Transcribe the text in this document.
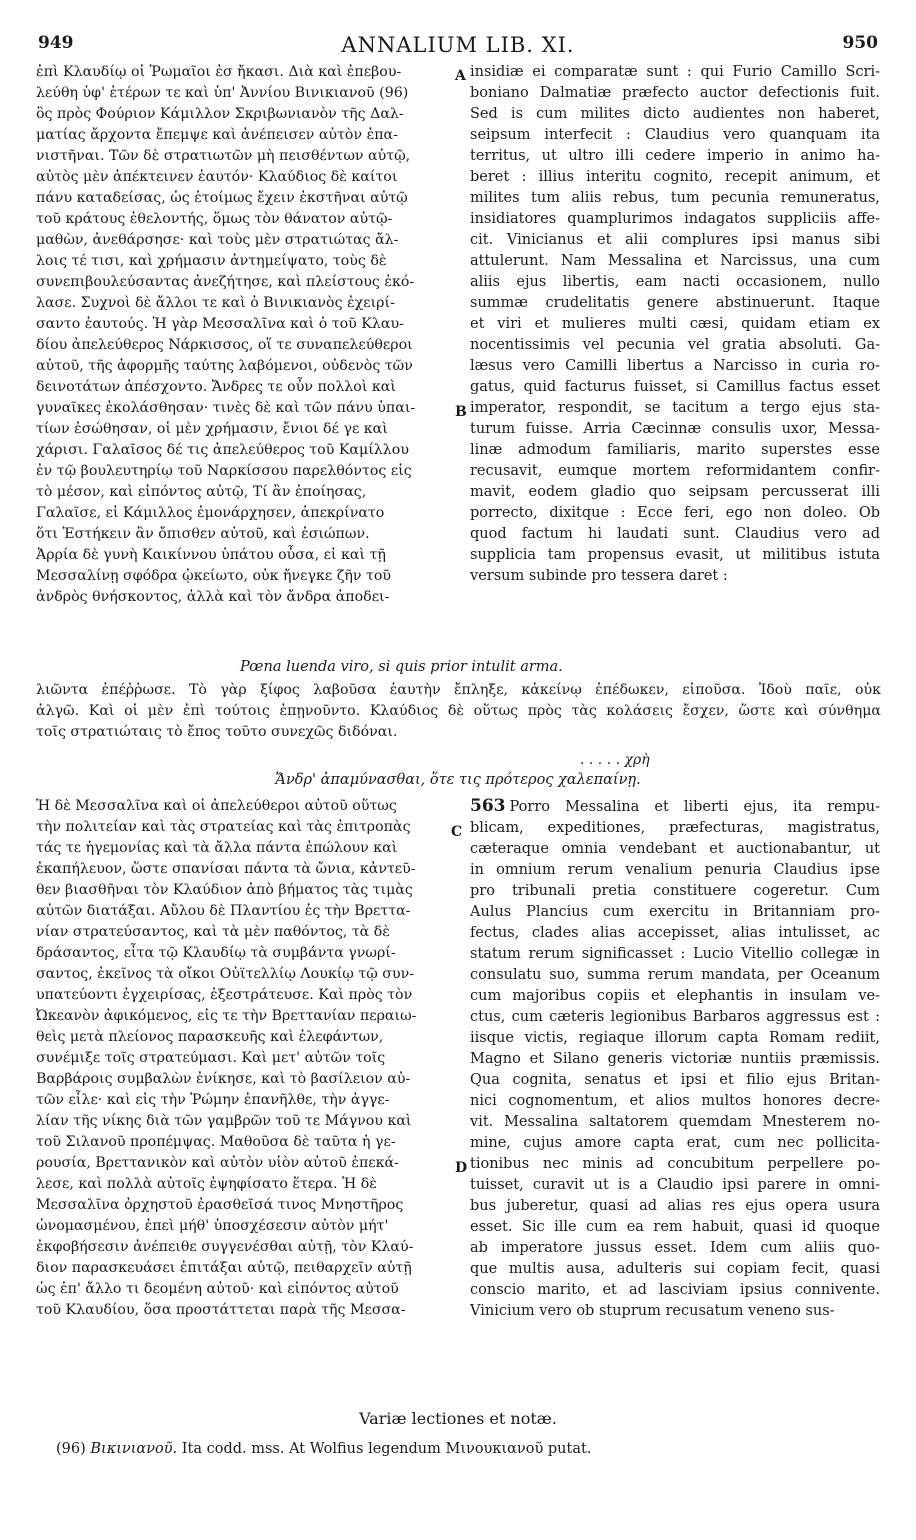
949	ANNALIUM LIB. XI.	950
ἐπὶ Κλαυδίῳ οἱ Ῥωμαῖοι ἐσ ἤκασι. Διὰ καὶ ἐπεβου-
λεύθη ὑφ' ἑτέρων τε καὶ ὑπ' Ἀννίου Βινικιανοῦ (96)
ὃς πρὸς Φούριον Κάμιλλον Σκριβωνιανὸν τῆς Δαλ-
ματίας ἄρχοντα ἔπεμψε καὶ ἀνέπεισεν αὐτὸν ἐπα-
νιστῆναι. Τῶν δὲ στρατιωτῶν μὴ πεισθέντων αὐτῷ,
αὐτὸς μὲν ἀπέκτεινεν ἑαυτόν· Κλαύδιος δὲ καίτοι
πάνυ καταδείσας, ὡς ἑτοίμως ἔχειν ἐκστῆναι αὐτῷ
τοῦ κράτους ἐθελοντής, ὅμως τὸν θάνατον αὐτῷ-
μαθὼν, ἀνεθάρσησε· καὶ τοὺς μὲν στρατιώτας ἄλ-
λοις τέ τισι, καὶ χρήμασιν ἀντημείψατο, τοὺς δὲ
συνεπιβουλεύσαντας ἀνεζήτησε, καὶ πλείστους ἐκό-
λασε. Συχνοὶ δὲ ἄλλοι τε καὶ ὁ Βινικιανὸς ἐχειρί-
σαντο ἑαυτούς. Ἡ γὰρ Μεσσαλῖνα καὶ ὁ τοῦ Κλαυ-
δίου ἀπελεύθερος Νάρκισσος, οἵ τε συναπελεύθεροι
αὐτοῦ, τῆς ἀφορμῆς ταύτης λαβόμενοι, οὐδενὸς τῶν
δεινοτάτων ἀπέσχοντο. Ἄνδρες τε οὖν πολλοὶ καὶ
γυναῖκες ἐκολάσθησαν· τινὲς δὲ καὶ τῶν πάνυ ὑπαι-
τίων ἐσώθησαν, οἱ μὲν χρήμασιν, ἔνιοι δέ γε καὶ
χάρισι. Γαλαῖσος δέ τις ἀπελεύθερος τοῦ Καμίλλου
ἐν τῷ βουλευτηρίῳ τοῦ Ναρκίσσου παρελθόντος εἰς
τὸ μέσον, καὶ εἰπόντος αὐτῷ, Τί ἂν ἐποίησας,
Γαλαῖσε, εἰ Κάμιλλος ἐμονάρχησεν, ἀπεκρίνατο
ὅτι Ἐστήκειν ἂν ὄπισθεν αὐτοῦ, καὶ ἐσιώπων.
Ἀρρία δὲ γυνὴ Καικίννου ὑπάτου οὖσα, εἰ καὶ τῇ
Μεσσαλίνῃ σφόδρα ᾠκείωτο, οὐκ ἤνεγκε ζῆν τοῦ
ἀνδρὸς θνήσκοντος, ἀλλὰ καὶ τὸν ἄνδρα ἀποδει-
insidiæ ei comparatæ sunt : qui Furio Camillo Scri-
boniano Dalmatiæ præfecto auctor defectionis fuit.
Sed is cum milites dicto audientes non haberet,
seipsum interfecit : Claudius vero quanquam ita
territus, ut ultro illi cedere imperio in animo ha-
beret : illius interitu cognito, recepit animum, et
milites tum aliis rebus, tum pecunia remuneratus,
insidiatores quamplurimos indagatos suppliciis affe-
cit. Vinicianus et alii complures ipsi manus sibi
attulerunt. Nam Messalina et Narcissus, una cum
aliis ejus libertis, eam nacti occasionem, nullo
summæ crudelitatis genere abstinuerunt. Itaque
et viri et mulieres multi cæsi, quidam etiam ex
nocentissimis vel pecunia vel gratia absoluti. Ga-
læsus vero Camilli libertus a Narcisso in curia ro-
gatus, quid facturus fuisset, si Camillus factus esset
imperator, respondit, se tacitum a tergo ejus sta-
turum fuisse. Arria Cæcinnæ consulis uxor, Messa-
linæ admodum familiaris, marito superstes esse
recusavit, eumque mortem reformidantem confir-
mavit, eodem gladio quo seipsam percusserat illi
porrecto, dixitque : Ecce feri, ego non doleo. Ob
quod factum hi laudati sunt. Claudius vero ad
supplicia tam propensus evasit, ut militibus istuta
versum subinde pro tessera daret :
A
B
C
D
Pœna luenda viro, si quis prior intulit arma.
λιῶντα ἐπέῤῥωσε. Τὸ γὰρ ξίφος λαβοῦσα ἑαυτὴν ἔπληξε, κἀκείνῳ ἐπέδωκεν, εἰποῦσα. Ἰδοὺ παῖε, οὐκ
ἀλγῶ. Καὶ οἱ μὲν ἐπὶ τούτοις ἐπῃνοῦντο. Κλαύδιος δὲ οὕτως πρὸς τὰς κολάσεις ἔσχεν, ὥστε καὶ σύνθημα
τοῖς στρατιώταις τὸ ἔπος τοῦτο συνεχῶς διδόναι.
. . . . . χρὴ
Ἄνδρ' ἀπαμύνασθαι, ὅτε τις πρότερος χαλεπαίνῃ.
Ἡ δὲ Μεσσαλῖνα καὶ οἱ ἀπελεύθεροι αὐτοῦ οὕτως
τὴν πολιτείαν καὶ τὰς στρατείας καὶ τὰς ἐπιτροπὰς
τάς τε ἡγεμονίας καὶ τὰ ἄλλα πάντα ἐπώλουν καὶ
ἐκαπήλευον, ὥστε σπανίσαι πάντα τὰ ὤνια, κἀντεῦ-
θεν βιασθῆναι τὸν Κλαύδιον ἀπὸ βήματος τὰς τιμὰς
αὐτῶν διατάξαι. Αὔλου δὲ Πλαντίου ἐς τὴν Βρεττα-
νίαν στρατεύσαντος, καὶ τὰ μὲν παθόντος, τὰ δὲ
δράσαντος, εἶτα τῷ Κλαυδίῳ τὰ συμβάντα γνωρί-
σαντος, ἐκεῖνος τὰ οἴκοι Οὐϊτελλίῳ Λουκίῳ τῷ συν-
υπατεύοντι ἐγχειρίσας, ἐξεστράτευσε. Καὶ πρὸς τὸν
Ὠκεανὸν ἀφικόμενος, εἰς τε τὴν Βρεττανίαν περαιω-
θεὶς μετὰ πλείονος παρασκευῆς καὶ ἐλεφάντων,
συνέμιξε τοῖς στρατεύμασι. Καὶ μετ' αὐτῶν τοῖς
Βαρβάροις συμβαλὼν ἐνίκησε, καὶ τὸ βασίλειον αὐ-
τῶν εἷλε· καὶ εἰς τὴν Ῥώμην ἐπανῆλθε, τὴν ἀγγε-
λίαν τῆς νίκης διὰ τῶν γαμβρῶν τοῦ τε Μάγνου καὶ
τοῦ Σιλανοῦ προπέμψας. Μαθοῦσα δὲ ταῦτα ἡ γε-
ρουσία, Βρεττανικὸν καὶ αὐτὸν υἱὸν αὐτοῦ ἐπεκά-
λεσε, καὶ πολλὰ αὐτοῖς ἐψηφίσατο ἕτερα. Ἡ δὲ
Μεσσαλῖνα ὀρχηστοῦ ἐρασθεῖσά τινος Μνηστῆρος
ὠνομασμένου, ἐπεὶ μήθ' ὑποσχέσεσιν αὐτὸν μήτ'
ἐκφοβήσεσιν ἀνέπειθε συγγενέσθαι αὐτῇ, τὸν Κλαύ-
διον παρασκευάσει ἐπιτάξαι αὐτῷ, πειθαρχεῖν αὐτῇ
ὡς ἐπ' ἄλλο τι δεομένη αὐτοῦ· καὶ εἰπόντος αὐτοῦ
τοῦ Κλαυδίου, ὅσα προστάττεται παρὰ τῆς Μεσσα-
563 Porro Messalina et liberti ejus, ita rempu-
blicam, expeditiones, præfecturas, magistratus,
cæteraque omnia vendebant et auctionabantur, ut
in omnium rerum venalium penuria Claudius ipse
pro tribunali pretia constituere cogeretur. Cum
Aulus Plancius cum exercitu in Britanniam pro-
fectus, clades alias accepisset, alias intulisset, ac
statum rerum significasset : Lucio Vitellio collegæ in
consulatu suo, summa rerum mandata, per Oceanum
cum majoribus copiis et elephantis in insulam ve-
ctus, cum cæteris legionibus Barbaros aggressus est :
iisque victis, regiaque illorum capta Romam rediit,
Magno et Silano generis victoriæ nuntiis præmissis.
Qua cognita, senatus et ipsi et filio ejus Britan-
nici cognomentum, et alios multos honores decre-
vit. Messalina saltatorem quemdam Mnesterem no-
mine, cujus amore capta erat, cum nec pollicita-
tionibus nec minis ad concubitum perpellere po-
tuisset, curavit ut is a Claudio ipsi parere in omni-
bus juberetur, quasi ad alias res ejus opera usura
esset. Sic ille cum ea rem habuit, quasi id quoque
ab imperatore jussus esset. Idem cum aliis quo-
que multis ausa, adulteris sui copiam fecit, quasi
conscio marito, et ad lasciviam ipsius connivente.
Vinicium vero ob stuprum recusatum veneno sus-
Variæ lectiones et notæ.
(96) Βικινιανοῦ. Ita codd. mss. At Wolfius legendum Μινουκιανοῦ putat.
